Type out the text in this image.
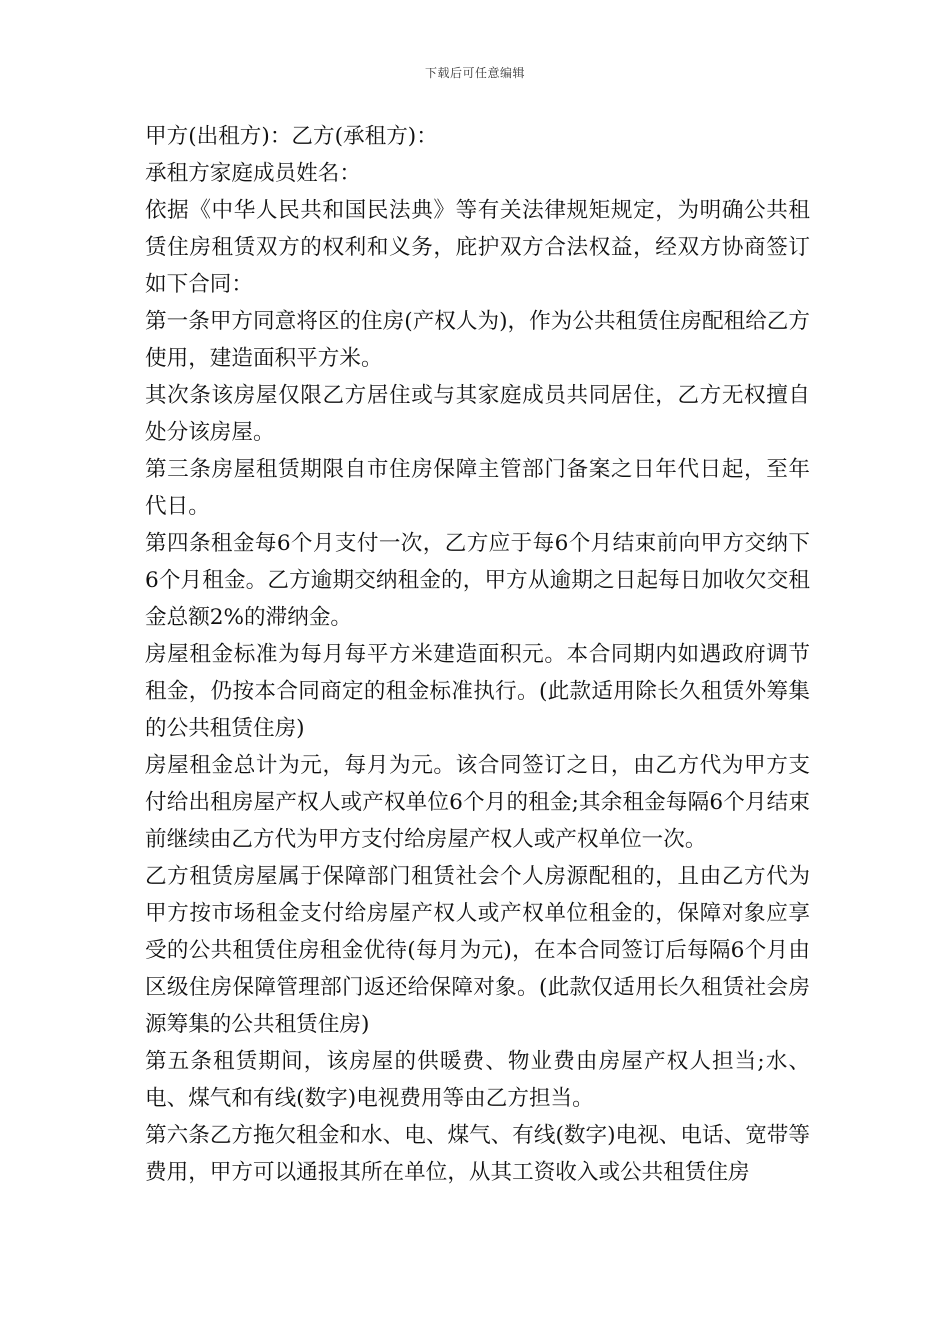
下载后可任意编辑

甲方(出租方)：乙方(承租方)：

承租方家庭成员姓名：

依据《中华人民共和国民法典》等有关法律规矩规定，为明确公共租赁住房租赁双方的权利和义务，庇护双方合法权益，经双方协商签订如下合同：

第一条甲方同意将区的住房(产权人为)，作为公共租赁住房配租给乙方使用，建造面积平方米。

其次条该房屋仅限乙方居住或与其家庭成员共同居住，乙方无权擅自处分该房屋。

第三条房屋租赁期限自市住房保障主管部门备案之日年代日起，至年代日。

第四条租金每6个月支付一次，乙方应于每6个月结束前向甲方交纳下6个月租金。乙方逾期交纳租金的，甲方从逾期之日起每日加收欠交租金总额2%的滞纳金。

房屋租金标准为每月每平方米建造面积元。本合同期内如遇政府调节租金，仍按本合同商定的租金标准执行。(此款适用除长久租赁外筹集的公共租赁住房)

房屋租金总计为元，每月为元。该合同签订之日，由乙方代为甲方支付给出租房屋产权人或产权单位6个月的租金;其余租金每隔6个月结束前继续由乙方代为甲方支付给房屋产权人或产权单位一次。

乙方租赁房屋属于保障部门租赁社会个人房源配租的，且由乙方代为甲方按市场租金支付给房屋产权人或产权单位租金的，保障对象应享受的公共租赁住房租金优待(每月为元)，在本合同签订后每隔6个月由区级住房保障管理部门返还给保障对象。(此款仅适用长久租赁社会房源筹集的公共租赁住房)

第五条租赁期间，该房屋的供暖费、物业费由房屋产权人担当;水、电、煤气和有线(数字)电视费用等由乙方担当。

第六条乙方拖欠租金和水、电、煤气、有线(数字)电视、电话、宽带等费用，甲方可以通报其所在单位，从其工资收入或公共租赁住房
